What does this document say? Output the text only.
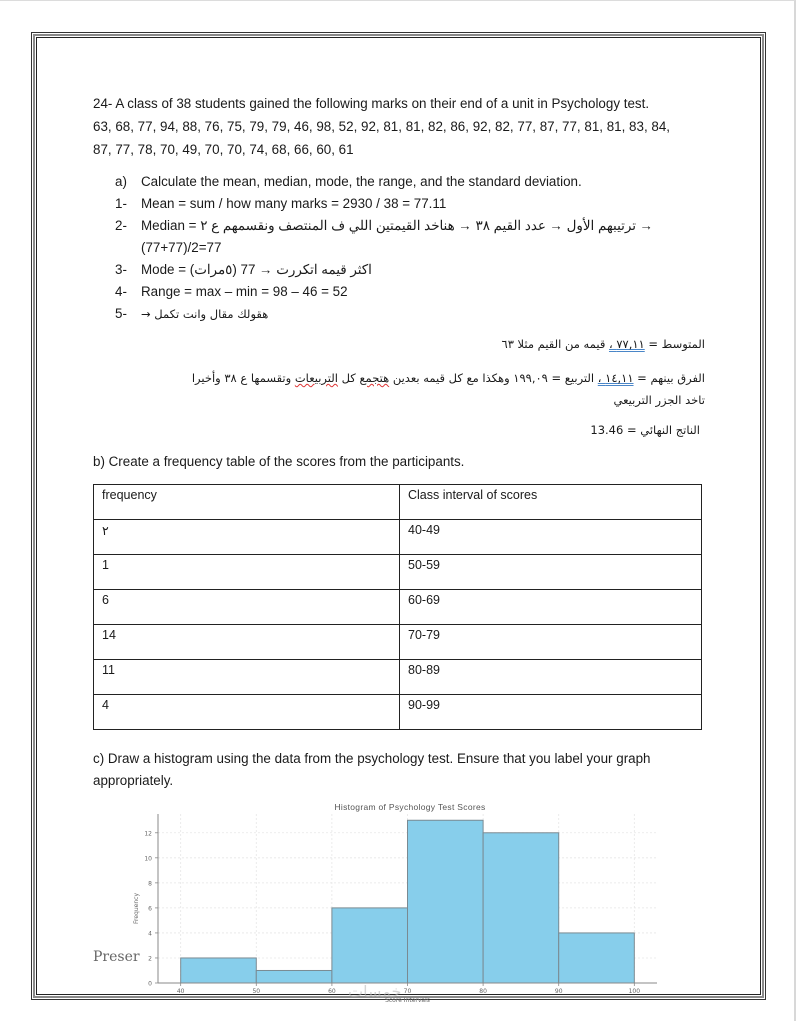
24- A class of 38 students gained the following marks on their end of a unit in Psychology test.
63, 68, 77, 94, 88, 76, 75, 79, 79, 46, 98, 52, 92, 81, 81, 82, 86, 92, 82, 77, 87, 77, 81, 81, 83, 84,
87, 77, 78, 70, 49, 70, 70, 74, 68, 66, 60, 61
a) Calculate the mean, median, mode, the range, and the standard deviation.
1- Mean = sum / how many marks = 2930 / 38 = 77.11
2- Median = ترتيبهم الأول → عدد القيم ٣٨ → هناخد القيمتين اللي ف المنتصف ونقسمهم ع ٢ →
(77+77)/2=77
3- Mode = اكثر قيمه اتكررت → 77 (٥مرات)
4- Range = max – min = 98 – 46 = 52
5- هقولك مقال وانت تكمل →
المتوسط = ٧٧,١١ ، قيمه من القيم مثلا ٦٣
الفرق بينهم = ١٤,١١ ، التربيع = ١٩٩,٠٩ وهكذا مع كل قيمه بعدين هتجمع كل التربيعات وتقسمها ع ٣٨ وأخيرا
تاخد الجزر التربيعي
الناتج النهائي = 13.46
b) Create a frequency table of the scores from the participants.
frequency	Class interval of scores
٢	40-49
1	50-59
6	60-69
14	70-79
11	80-89
4	90-99
c) Draw a histogram using the data from the psychology test. Ensure that you label your graph
appropriately.
Histogram of Psychology Test Scores
0
2
4
6
8
10
12
40	50	60	70	80	90	100
Frequency
Score Intervals
Preser
خمسات
